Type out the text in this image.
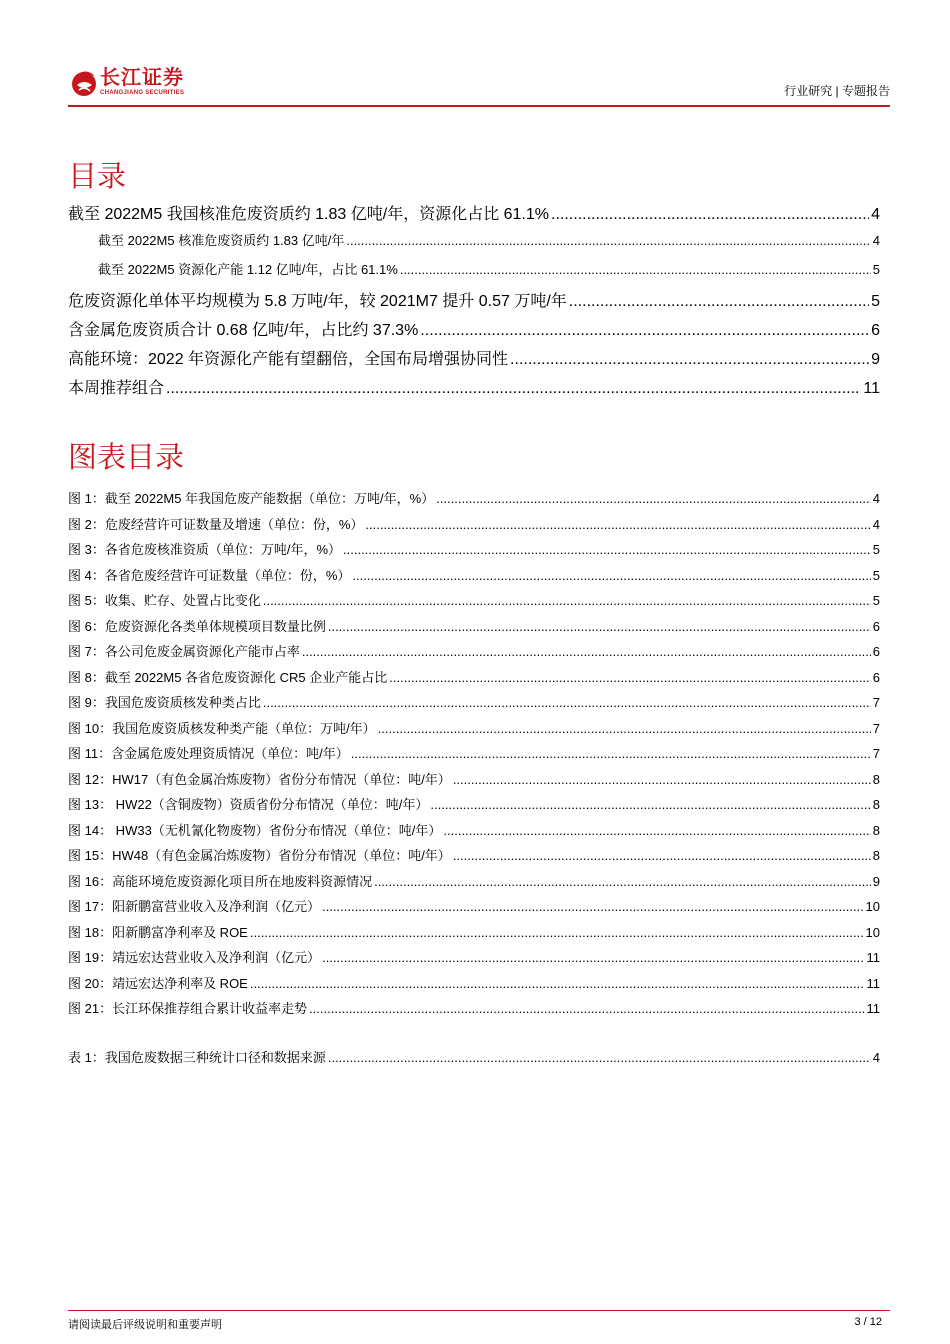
长江证券
CHANGJIANG SECURITIES	行业研究 | 专题报告
目录
截至 2022M5 我国核准危废资质约 1.83 亿吨/年，资源化占比 61.1% .....	4
截至 2022M5 核准危废资质约 1.83 亿吨/年 .....	4
截至 2022M5 资源化产能 1.12 亿吨/年，占比 61.1% .....	5
危废资源化单体平均规模为 5.8 万吨/年，较 2021M7 提升 0.57 万吨/年 .....	5
含金属危废资质合计 0.68 亿吨/年，占比约 37.3% .....	6
高能环境：2022 年资源化产能有望翻倍，全国布局增强协同性 .....	9
本周推荐组合 .....	11
图表目录
图 1：截至 2022M5 年我国危废产能数据（单位：万吨/年，%） .....	4
图 2：危废经营许可证数量及增速（单位：份，%） .....	4
图 3：各省危废核准资质（单位：万吨/年，%） .....	5
图 4：各省危废经营许可证数量（单位：份，%） .....	5
图 5：收集、贮存、处置占比变化 .....	5
图 6：危废资源化各类单体规模项目数量比例 .....	6
图 7：各公司危废金属资源化产能市占率 .....	6
图 8：截至 2022M5 各省危废资源化 CR5 企业产能占比 .....	6
图 9：我国危废资质核发种类占比 .....	7
图 10：我国危废资质核发种类产能（单位：万吨/年） .....	7
图 11：含金属危废处理资质情况（单位：吨/年） .....	7
图 12：HW17（有色金属冶炼废物）省份分布情况（单位：吨/年） .....	8
图 13： HW22（含铜废物）资质省份分布情况（单位：吨/年） .....	8
图 14： HW33（无机氰化物废物）省份分布情况（单位：吨/年） .....	8
图 15：HW48（有色金属冶炼废物）省份分布情况（单位：吨/年） .....	8
图 16：高能环境危废资源化项目所在地废料资源情况 .....	9
图 17：阳新鹏富营业收入及净利润（亿元） .....	10
图 18：阳新鹏富净利率及 ROE .....	10
图 19：靖远宏达营业收入及净利润（亿元） .....	11
图 20：靖远宏达净利率及 ROE .....	11
图 21：长江环保推荐组合累计收益率走势 .....	11
表 1：我国危废数据三种统计口径和数据来源 .....	4
请阅读最后评级说明和重要声明	3 / 12
